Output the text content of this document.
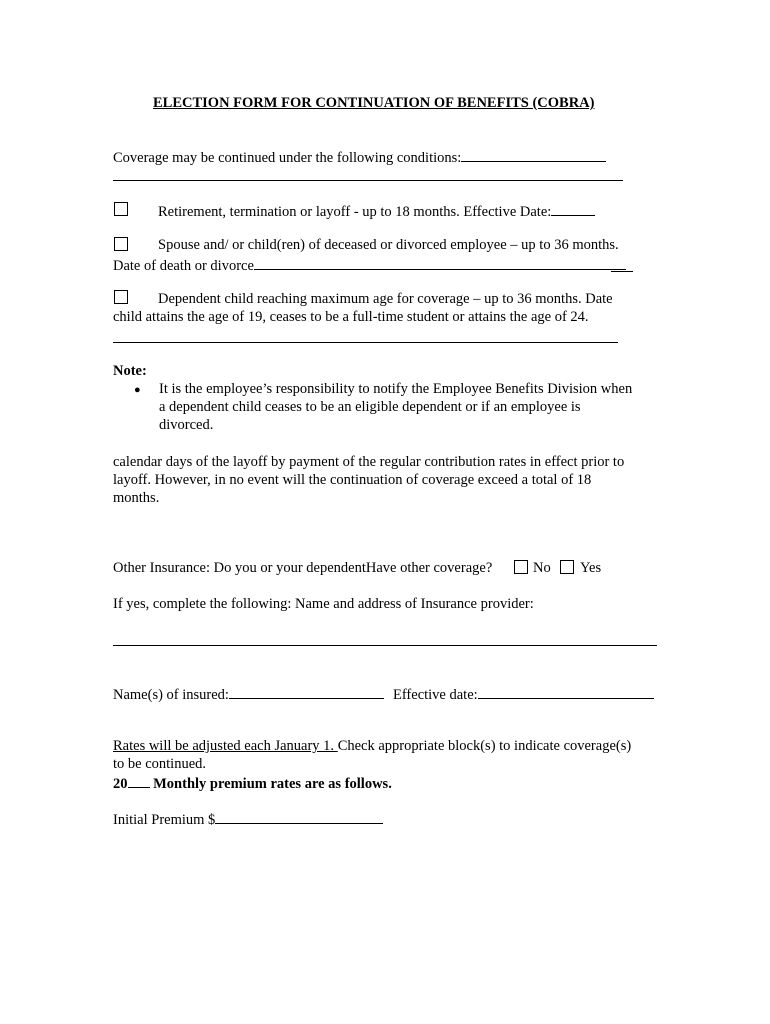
ELECTION FORM FOR CONTINUATION OF BENEFITS (COBRA)
Coverage may be continued under the following conditions:
Retirement, termination or layoff - up to 18 months. Effective Date:
Spouse and/ or child(ren) of deceased or divorced employee – up to 36 months.
Date of death or divorce
Dependent child reaching maximum age for coverage – up to 36 months. Date
child attains the age of 19, ceases to be a full-time student or attains the age of 24.
Note:
● It is the employee’s responsibility to notify the Employee Benefits Division when
a dependent child ceases to be an eligible dependent or if an employee is
divorced.
calendar days of the layoff by payment of the regular contribution rates in effect prior to
layoff. However, in no event will the continuation of coverage exceed a total of 18
months.
Other Insurance: Do you or your dependentHave other coverage?	No Yes
If yes, complete the following: Name and address of Insurance provider:
Name(s) of insured:	Effective date:
Rates will be adjusted each January 1. Check appropriate block(s) to indicate coverage(s)
to be continued.
20 Monthly premium rates are as follows.
Initial Premium $
